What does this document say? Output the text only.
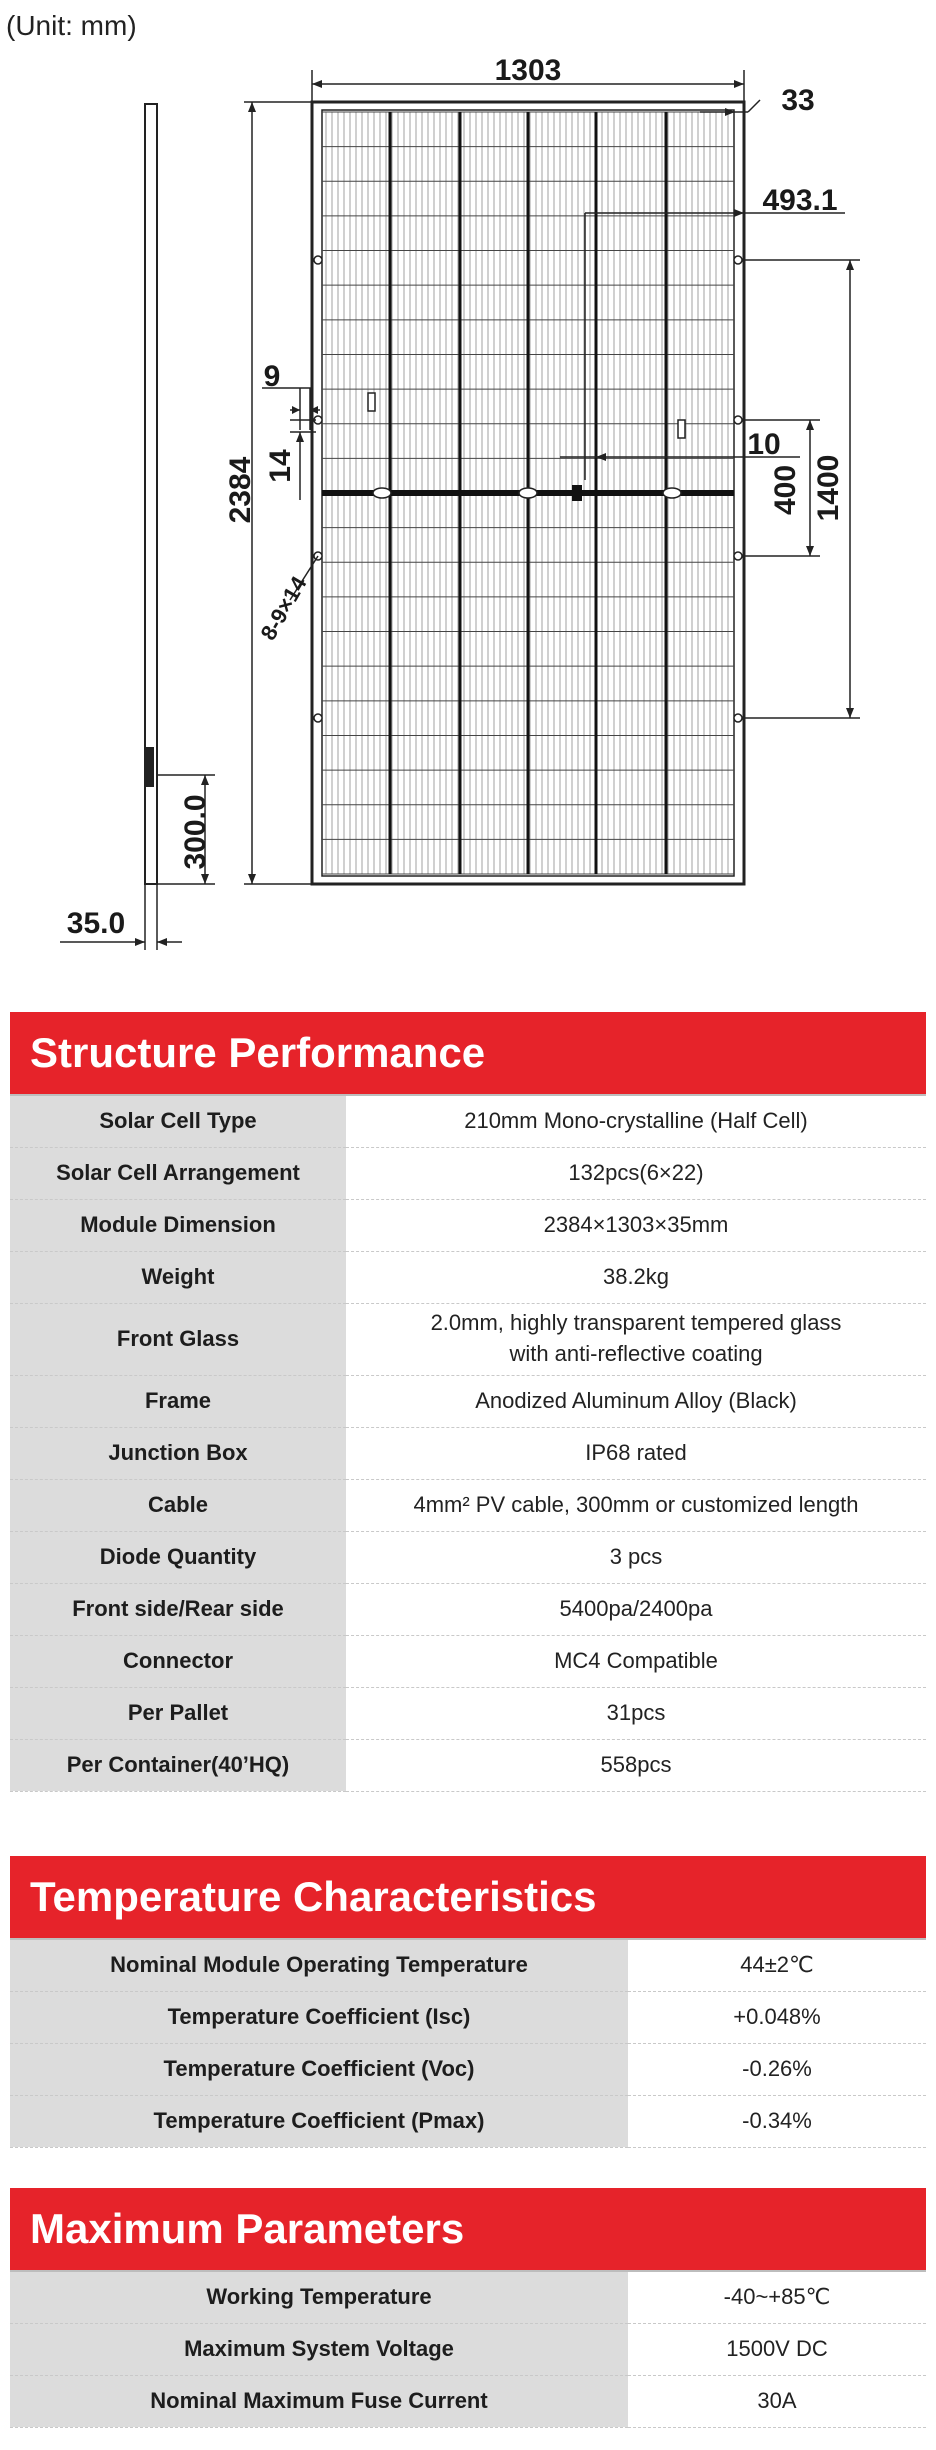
(Unit: mm)
300.0
35.0
1303
2384
33
493.1
1400
400
10
9
14
8-9×14
Structure Performance
Solar Cell Type	210mm Mono-crystalline (Half Cell)
Solar Cell Arrangement	132pcs(6×22)
Module Dimension	2384×1303×35mm
Weight	38.2kg
Front Glass	2.0mm, highly transparent tempered glass
with anti-reflective coating

Frame	Anodized Aluminum Alloy (Black)
Junction Box	IP68 rated
Cable	4mm² PV cable, 300mm or customized length
Diode Quantity	3 pcs
Front side/Rear side	5400pa/2400pa
Connector	MC4 Compatible
Per Pallet	31pcs
Per Container(40’HQ)	558pcs
Temperature Characteristics
Nominal Module Operating Temperature	44±2℃
Temperature Coefficient (Isc)	+0.048%
Temperature Coefficient (Voc)	-0.26%
Temperature Coefficient (Pmax)	-0.34%
Maximum Parameters
Working Temperature	-40~+85℃
Maximum System Voltage	1500V DC
Nominal Maximum Fuse Current	30A
